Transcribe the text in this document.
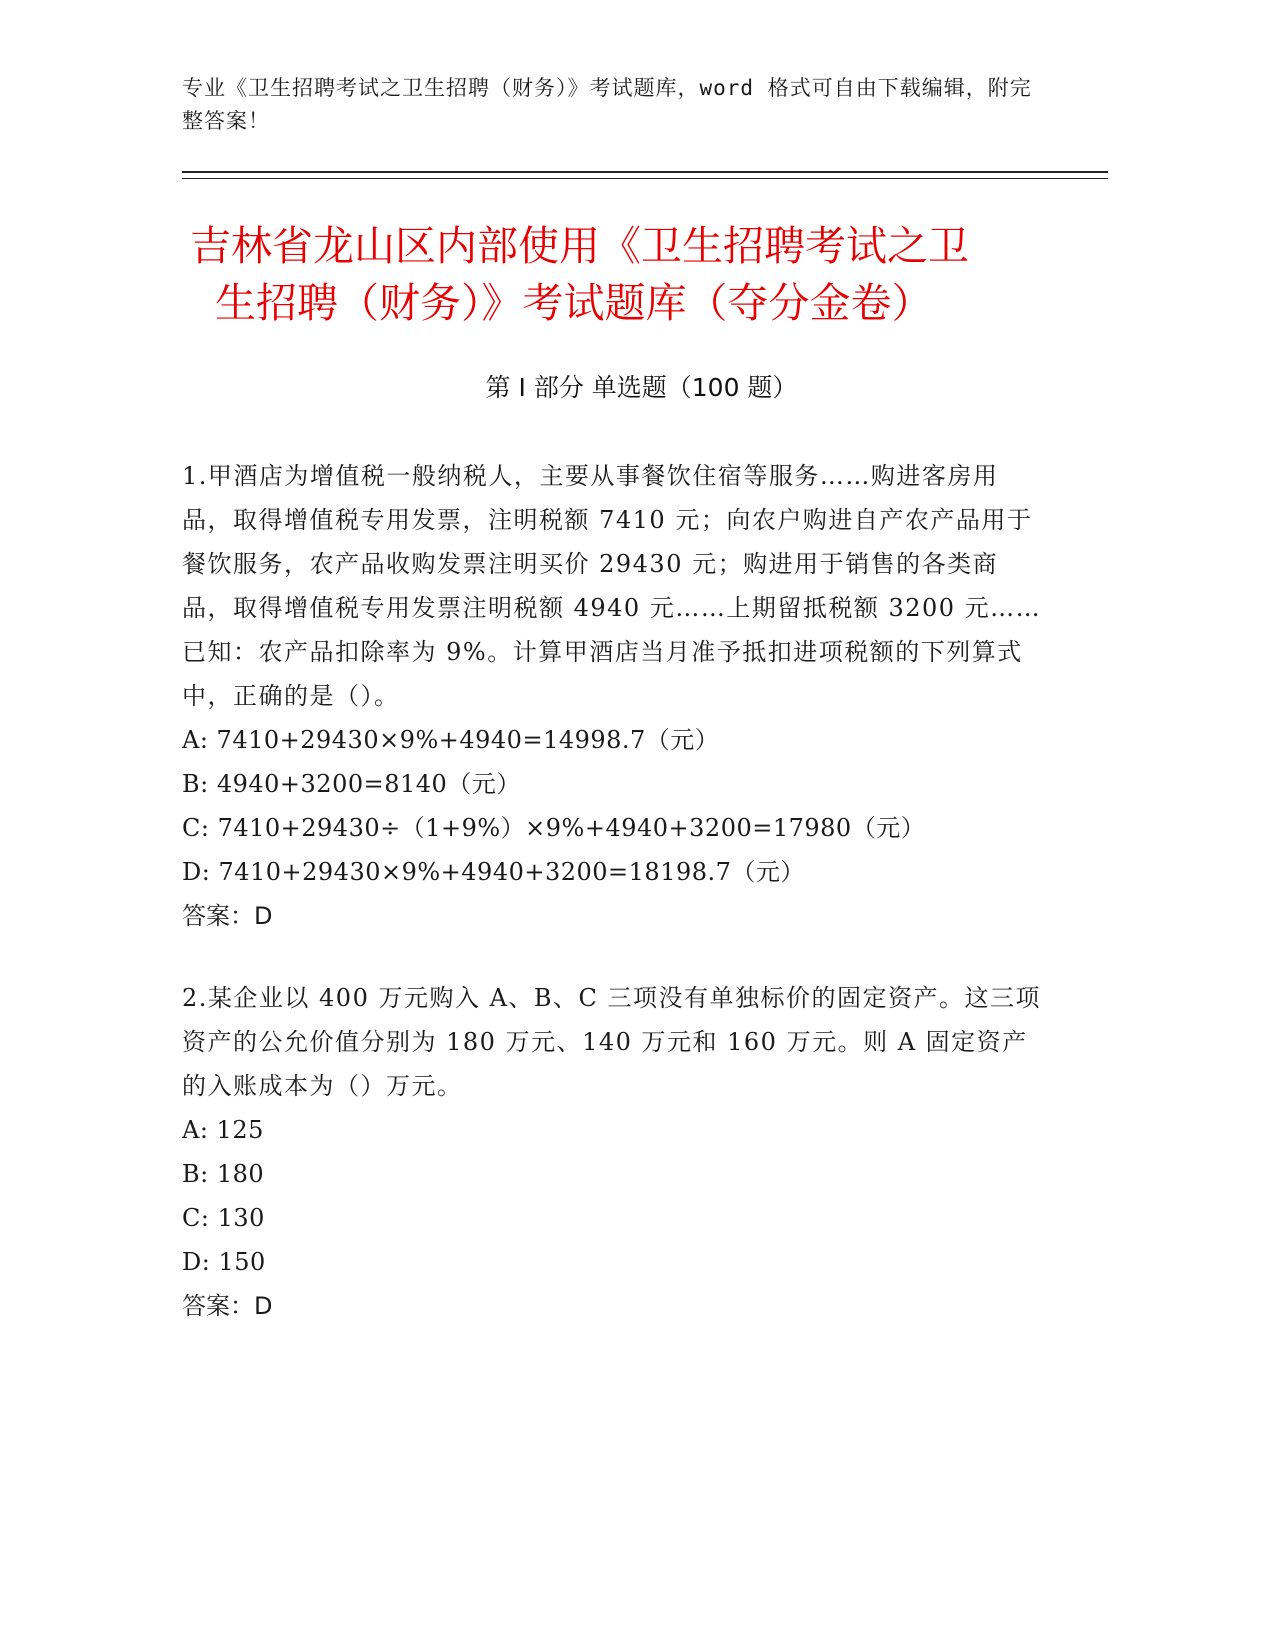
专业《卫生招聘考试之卫生招聘（财务）》考试题库，word 格式可自由下载编辑，附完整答案！
吉林省龙山区内部使用《卫生招聘考试之卫
生招聘（财务）》考试题库（夺分金卷）
第 I 部分 单选题（100 题）

1.甲酒店为增值税一般纳税人，主要从事餐饮住宿等服务……购进客房用品，取得增值税专用发票，注明税额 7410 元；向农户购进自产农产品用于餐饮服务，农产品收购发票注明买价 29430 元；购进用于销售的各类商品，取得增值税专用发票注明税额 4940 元……上期留抵税额 3200 元……已知：农产品扣除率为 9%。计算甲酒店当月准予抵扣进项税额的下列算式中，正确的是（）。

A: 7410+29430×9%+4940=14998.7（元）

B: 4940+3200=8140（元）

C: 7410+29430÷（1+9%）×9%+4940+3200=17980（元）

D: 7410+29430×9%+4940+3200=18198.7（元）

答案：D

2.某企业以 400 万元购入 A、B、C 三项没有单独标价的固定资产。这三项资产的公允价值分别为 180 万元、140 万元和 160 万元。则 A 固定资产的入账成本为（）万元。

A: 125

B: 180

C: 130

D: 150

答案：D
